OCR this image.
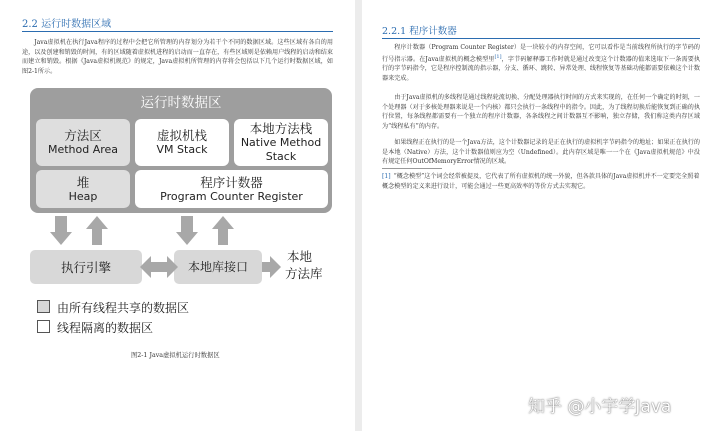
2.2 运行时数据区域
Java虚拟机在执行Java程序的过程中会把它所管理的内存划分为若干个不同的数据区域。这些区域有各自的用途，以及创建和销毁的时间，有的区域随着虚拟机进程的启动而一直存在，有些区域则是依赖用户线程的启动和结束而建立和销毁。根据《Java虚拟机规范》的规定，Java虚拟机所管理的内存将会包括以下几个运行时数据区域，如图2-1所示。
运行时数据区
方法区
Method Area
虚拟机栈
VM Stack
本地方法栈
Native Method
Stack
堆
Heap
程序计数器
Program Counter Register
执行引擎	本地库接口
本地
方法库
由所有线程共享的数据区
线程隔离的数据区
图2-1 Java虚拟机运行时数据区
2.2.1 程序计数器
程序计数器（Program Counter Register）是一块较小的内存空间，它可以看作是当前线程所执行的字节码的行号指示器。在Java虚拟机的概念模型里[1]，字节码解释器工作时就是通过改变这个计数器的值来选取下一条需要执行的字节码指令，它是程序控制流的指示器，分支、循环、跳转、异常处理、线程恢复等基础功能都需要依赖这个计数器来完成。
由于Java虚拟机的多线程是通过线程轮流切换、分配处理器执行时间的方式来实现的，在任何一个确定的时刻，一个处理器（对于多核处理器来说是一个内核）都只会执行一条线程中的指令。因此，为了线程切换后能恢复到正确的执行位置，每条线程都需要有一个独立的程序计数器，各条线程之间计数器互不影响，独立存储，我们称这类内存区域为“线程私有”的内存。
如果线程正在执行的是一个Java方法，这个计数器记录的是正在执行的虚拟机字节码指令的地址；如果正在执行的是本地（Native）方法，这个计数器值则应为空（Undefined）。此内存区域是唯一一个在《Java虚拟机规范》中没有规定任何OutOfMemoryError情况的区域。
[1] “概念模型”这个词会经常被提及，它代表了所有虚拟机的统一外貌，但各款具体的Java虚拟机并不一定要完全照着概念模型的定义来进行设计，可能会通过一些更高效率的等价方式去实现它。
知乎 @小宇学Java
